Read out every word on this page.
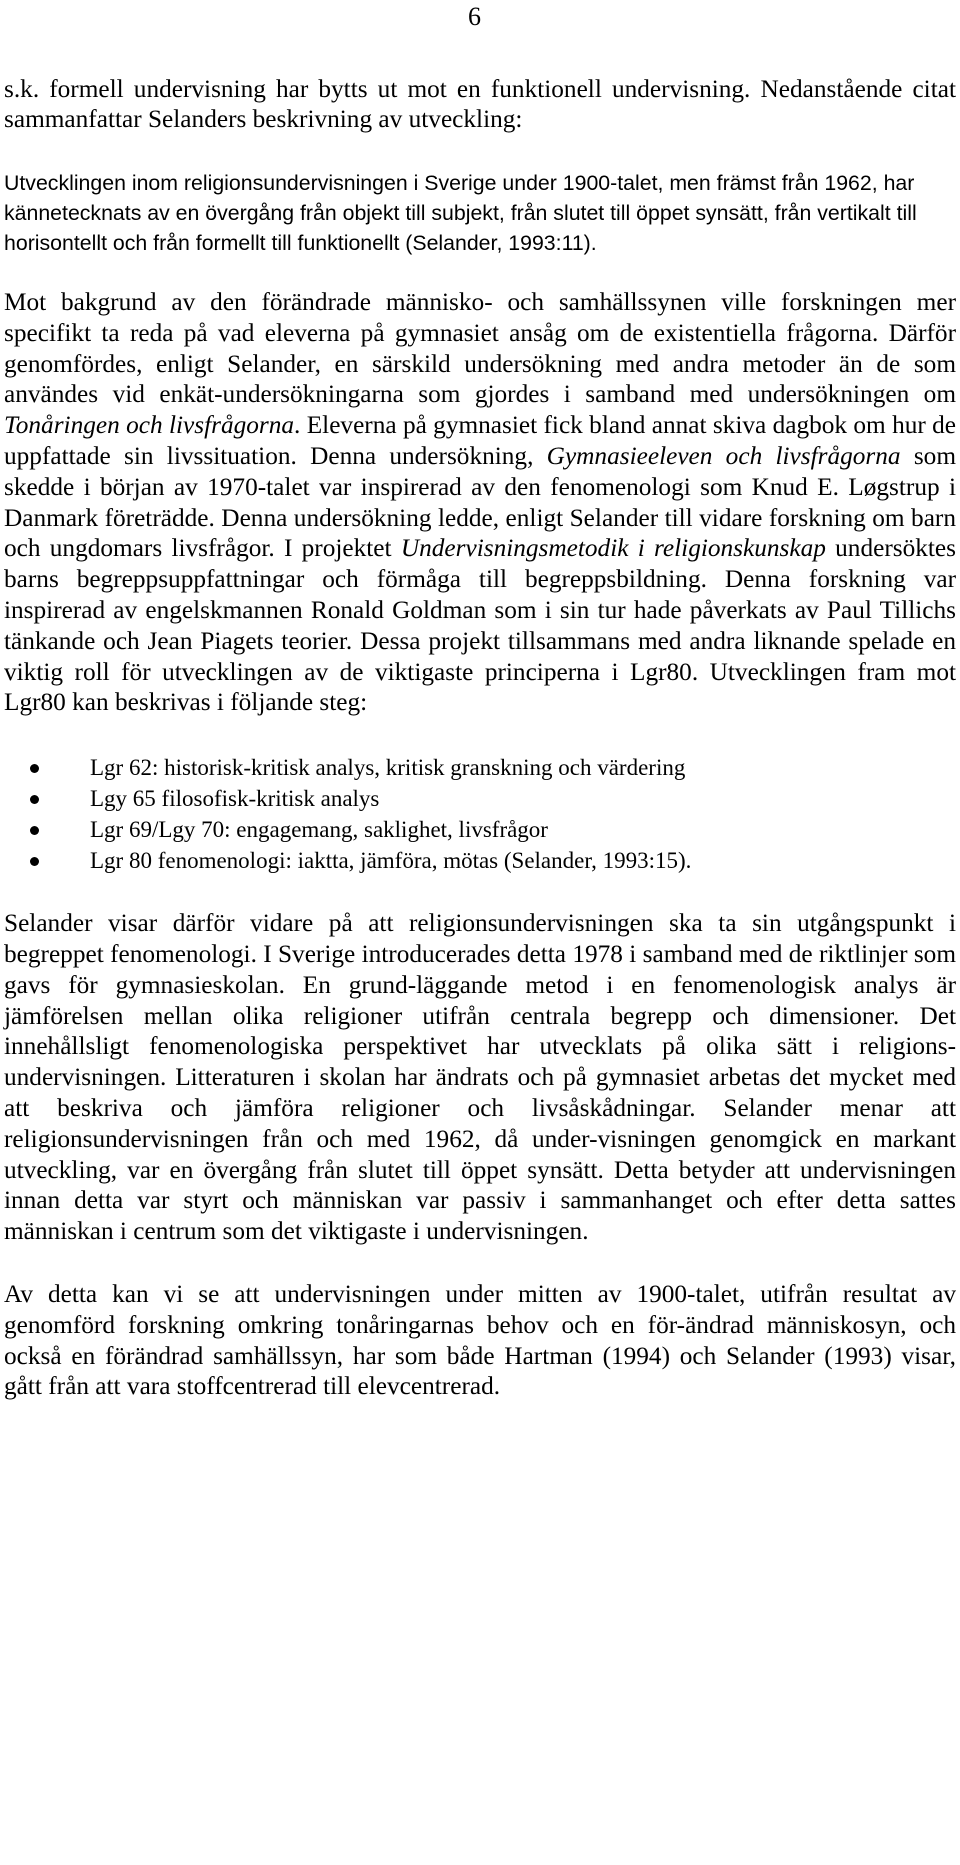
6

s.k. formell undervisning har bytts ut mot en funktionell undervisning. Nedanstående citat sammanfattar Selanders beskrivning av utveckling:

Utvecklingen inom religionsundervisningen i Sverige under 1900-talet, men främst från 1962, har kännetecknats av en övergång från objekt till subjekt, från slutet till öppet synsätt, från vertikalt till horisontellt och från formellt till funktionellt (Selander, 1993:11).

Mot bakgrund av den förändrade människo- och samhällssynen ville forskningen mer specifikt ta reda på vad eleverna på gymnasiet ansåg om de existentiella frågorna. Därför genomfördes, enligt Selander, en särskild undersökning med andra metoder än de som användes vid enkät-undersökningarna som gjordes i samband med undersökningen om Tonåringen och livsfrågorna. Eleverna på gymnasiet fick bland annat skiva dagbok om hur de uppfattade sin livssituation. Denna undersökning, Gymnasieeleven och livsfrågorna som skedde i början av 1970-talet var inspirerad av den fenomenologi som Knud E. Løgstrup i Danmark företrädde. Denna undersökning ledde, enligt Selander till vidare forskning om barn och ungdomars livsfrågor. I projektet Undervisningsmetodik i religionskunskap undersöktes barns begreppsuppfattningar och förmåga till begreppsbildning. Denna forskning var inspirerad av engelskmannen Ronald Goldman som i sin tur hade påverkats av Paul Tillichs tänkande och Jean Piagets teorier. Dessa projekt tillsammans med andra liknande spelade en viktig roll för utvecklingen av de viktigaste principerna i Lgr80. Utvecklingen fram mot Lgr80 kan beskrivas i följande steg:

Lgr 62: historisk-kritisk analys, kritisk granskning och värdering
Lgy 65 filosofisk-kritisk analys
Lgr 69/Lgy 70: engagemang, saklighet, livsfrågor
Lgr 80 fenomenologi: iaktta, jämföra, mötas (Selander, 1993:15).

Selander visar därför vidare på att religionsundervisningen ska ta sin utgångspunkt i begreppet fenomenologi. I Sverige introducerades detta 1978 i samband med de riktlinjer som gavs för gymnasieskolan. En grund-läggande metod i en fenomenologisk analys är jämförelsen mellan olika religioner utifrån centrala begrepp och dimensioner. Det innehållsligt fenomenologiska perspektivet har utvecklats på olika sätt i religions-undervisningen. Litteraturen i skolan har ändrats och på gymnasiet arbetas det mycket med att beskriva och jämföra religioner och livsåskådningar. Selander menar att religionsundervisningen från och med 1962, då under-visningen genomgick en markant utveckling, var en övergång från slutet till öppet synsätt. Detta betyder att undervisningen innan detta var styrt och människan var passiv i sammanhanget och efter detta sattes människan i centrum som det viktigaste i undervisningen.

Av detta kan vi se att undervisningen under mitten av 1900-talet, utifrån resultat av genomförd forskning omkring tonåringarnas behov och en för-ändrad människosyn, och också en förändrad samhällssyn, har som både Hartman (1994) och Selander (1993) visar, gått från att vara stoffcentrerad till elevcentrerad.
